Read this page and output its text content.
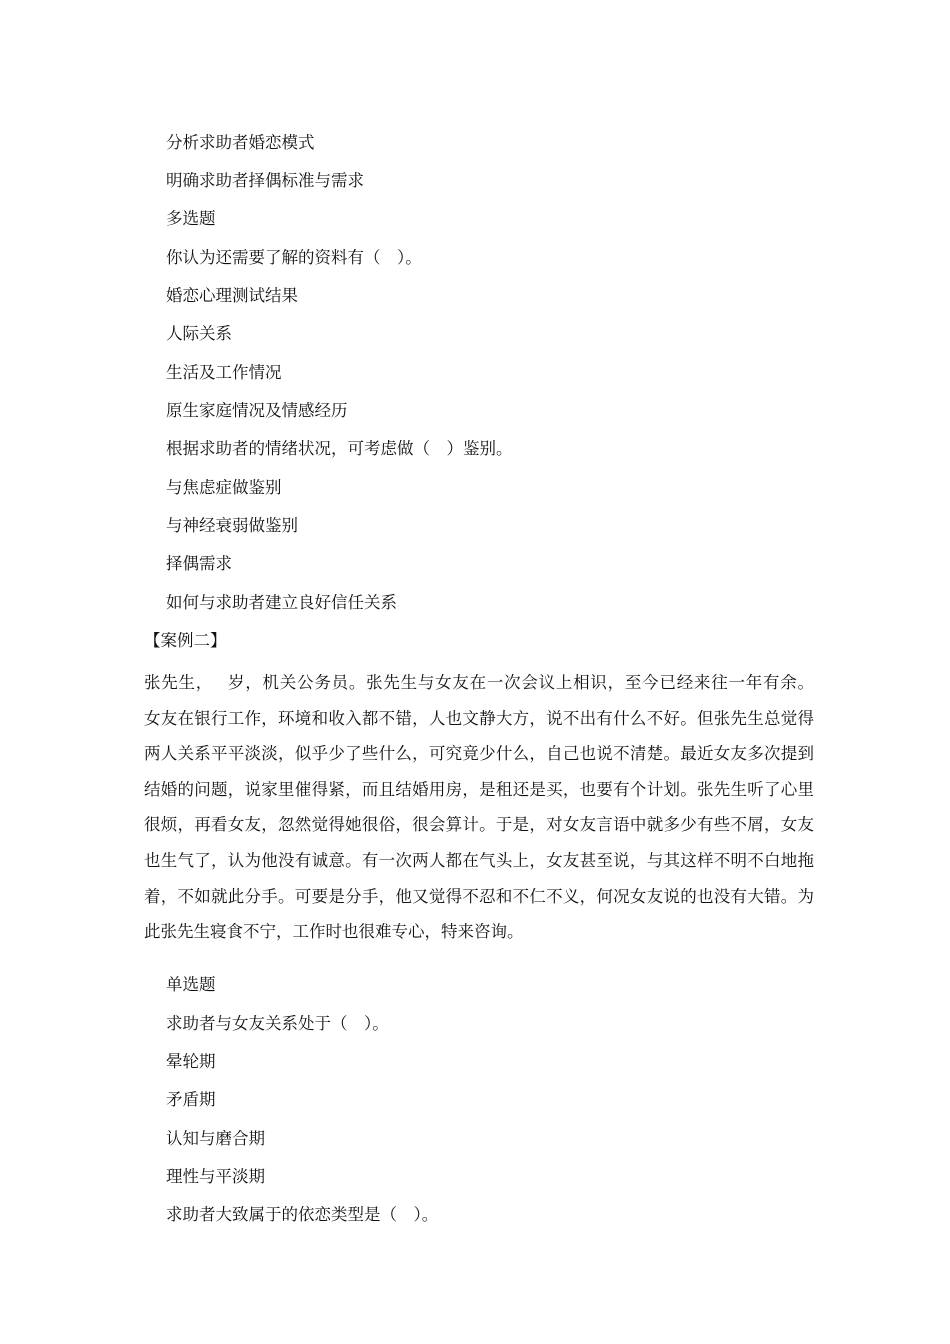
分析求助者婚恋模式
明确求助者择偶标准与需求
多选题
你认为还需要了解的资料有（　）。
婚恋心理测试结果
人际关系
生活及工作情况
原生家庭情况及情感经历
根据求助者的情绪状况，可考虑做（　）鉴别。
与焦虑症做鉴别
与神经衰弱做鉴别
择偶需求
如何与求助者建立良好信任关系
【案例二】
张先生，　 岁，机关公务员。张先生与女友在一次会议上相识，至今已经来往一年有余。
女友在银行工作，环境和收入都不错，人也文静大方，说不出有什么不好。但张先生总觉得
两人关系平平淡淡，似乎少了些什么，可究竟少什么，自己也说不清楚。最近女友多次提到
结婚的问题，说家里催得紧，而且结婚用房，是租还是买，也要有个计划。张先生听了心里
很烦，再看女友，忽然觉得她很俗，很会算计。于是，对女友言语中就多少有些不屑，女友
也生气了，认为他没有诚意。有一次两人都在气头上，女友甚至说，与其这样不明不白地拖
着，不如就此分手。可要是分手，他又觉得不忍和不仁不义，何况女友说的也没有大错。为
此张先生寝食不宁，工作时也很难专心，特来咨询。
单选题
求助者与女友关系处于（　）。
晕轮期
矛盾期
认知与磨合期
理性与平淡期
求助者大致属于的依恋类型是（　）。
